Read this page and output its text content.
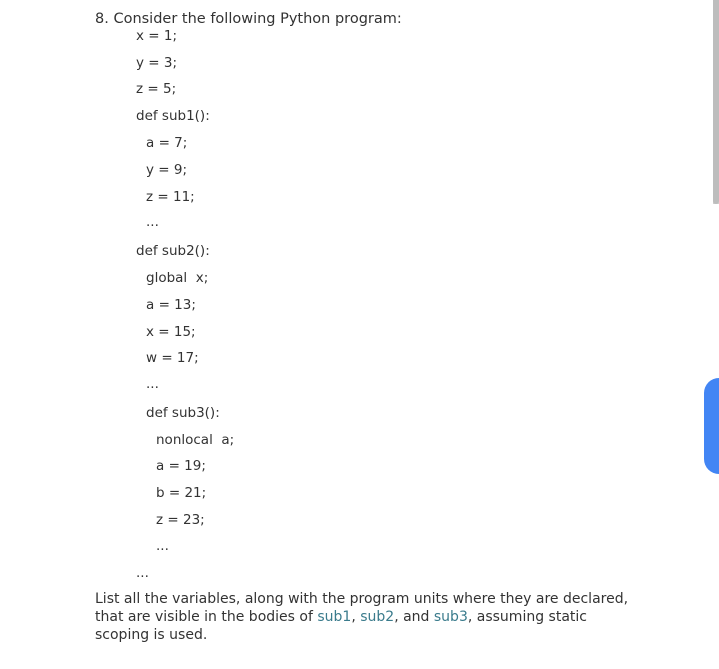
8. Consider the following Python program:
x = 1;
y = 3;
z = 5;
def sub1():
a = 7;
y = 9;
z = 11;
...
def sub2():
global  x;
a = 13;
x = 15;
w = 17;
...
def sub3():
nonlocal  a;
a = 19;
b = 21;
z = 23;
...
...
List all the variables, along with the program units where they are declared, that are visible in the bodies of sub1, sub2, and sub3, assuming static scoping is used.
